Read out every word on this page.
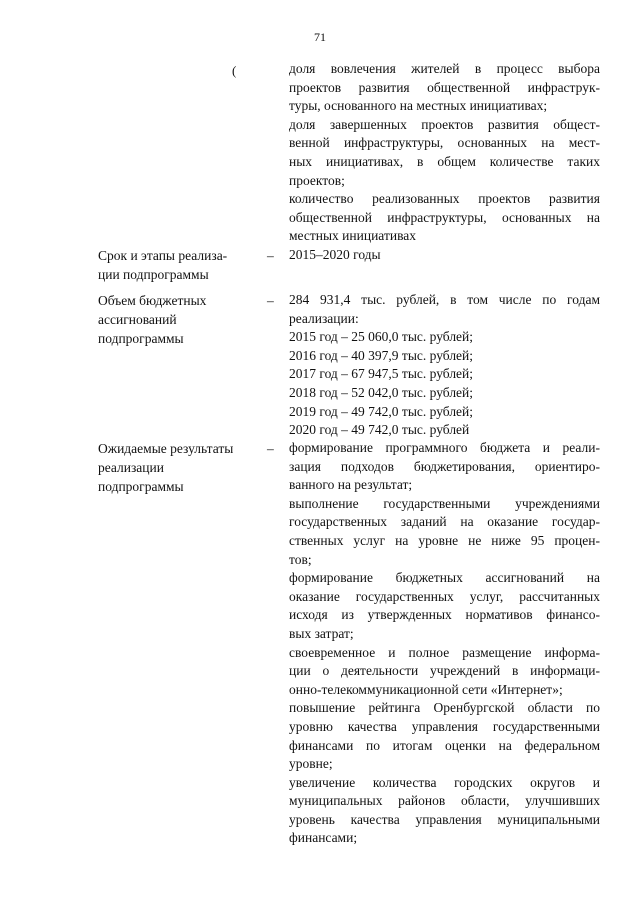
71
(	доля вовлечения жителей в процесс выбора
проектов развития общественной инфраструк-
туры, основанного на местных инициативах;
доля завершенных проектов развития общест-
венной инфраструктуры, основанных на мест-
ных инициативах, в общем количестве таких
проектов;
количество реализованных проектов развития
общественной инфраструктуры, основанных на
местных инициативах
Срок и этапы реализа-
ции подпрограммы
– 2015–2020 годы
Объем бюджетных
ассигнований
подпрограммы
– 284 931,4 тыс. рублей, в том числе по годам
реализации:
2015 год – 25 060,0 тыс. рублей;
2016 год – 40 397,9 тыс. рублей;
2017 год – 67 947,5 тыс. рублей;
2018 год – 52 042,0 тыс. рублей;
2019 год – 49 742,0 тыс. рублей;
2020 год – 49 742,0 тыс. рублей
Ожидаемые результаты
реализации
подпрограммы
– формирование программного бюджета и реали-
зация подходов бюджетирования, ориентиро-
ванного на результат;
выполнение государственными учреждениями
государственных заданий на оказание государ-
ственных услуг на уровне не ниже 95 процен-
тов;
формирование бюджетных ассигнований на
оказание государственных услуг, рассчитанных
исходя из утвержденных нормативов финансо-
вых затрат;
своевременное и полное размещение информа-
ции о деятельности учреждений в информаци-
онно-телекоммуникационной сети «Интернет»;
повышение рейтинга Оренбургской области по
уровню качества управления государственными
финансами по итогам оценки на федеральном
уровне;
увеличение количества городских округов и
муниципальных районов области, улучшивших
уровень качества управления муниципальными
финансами;
